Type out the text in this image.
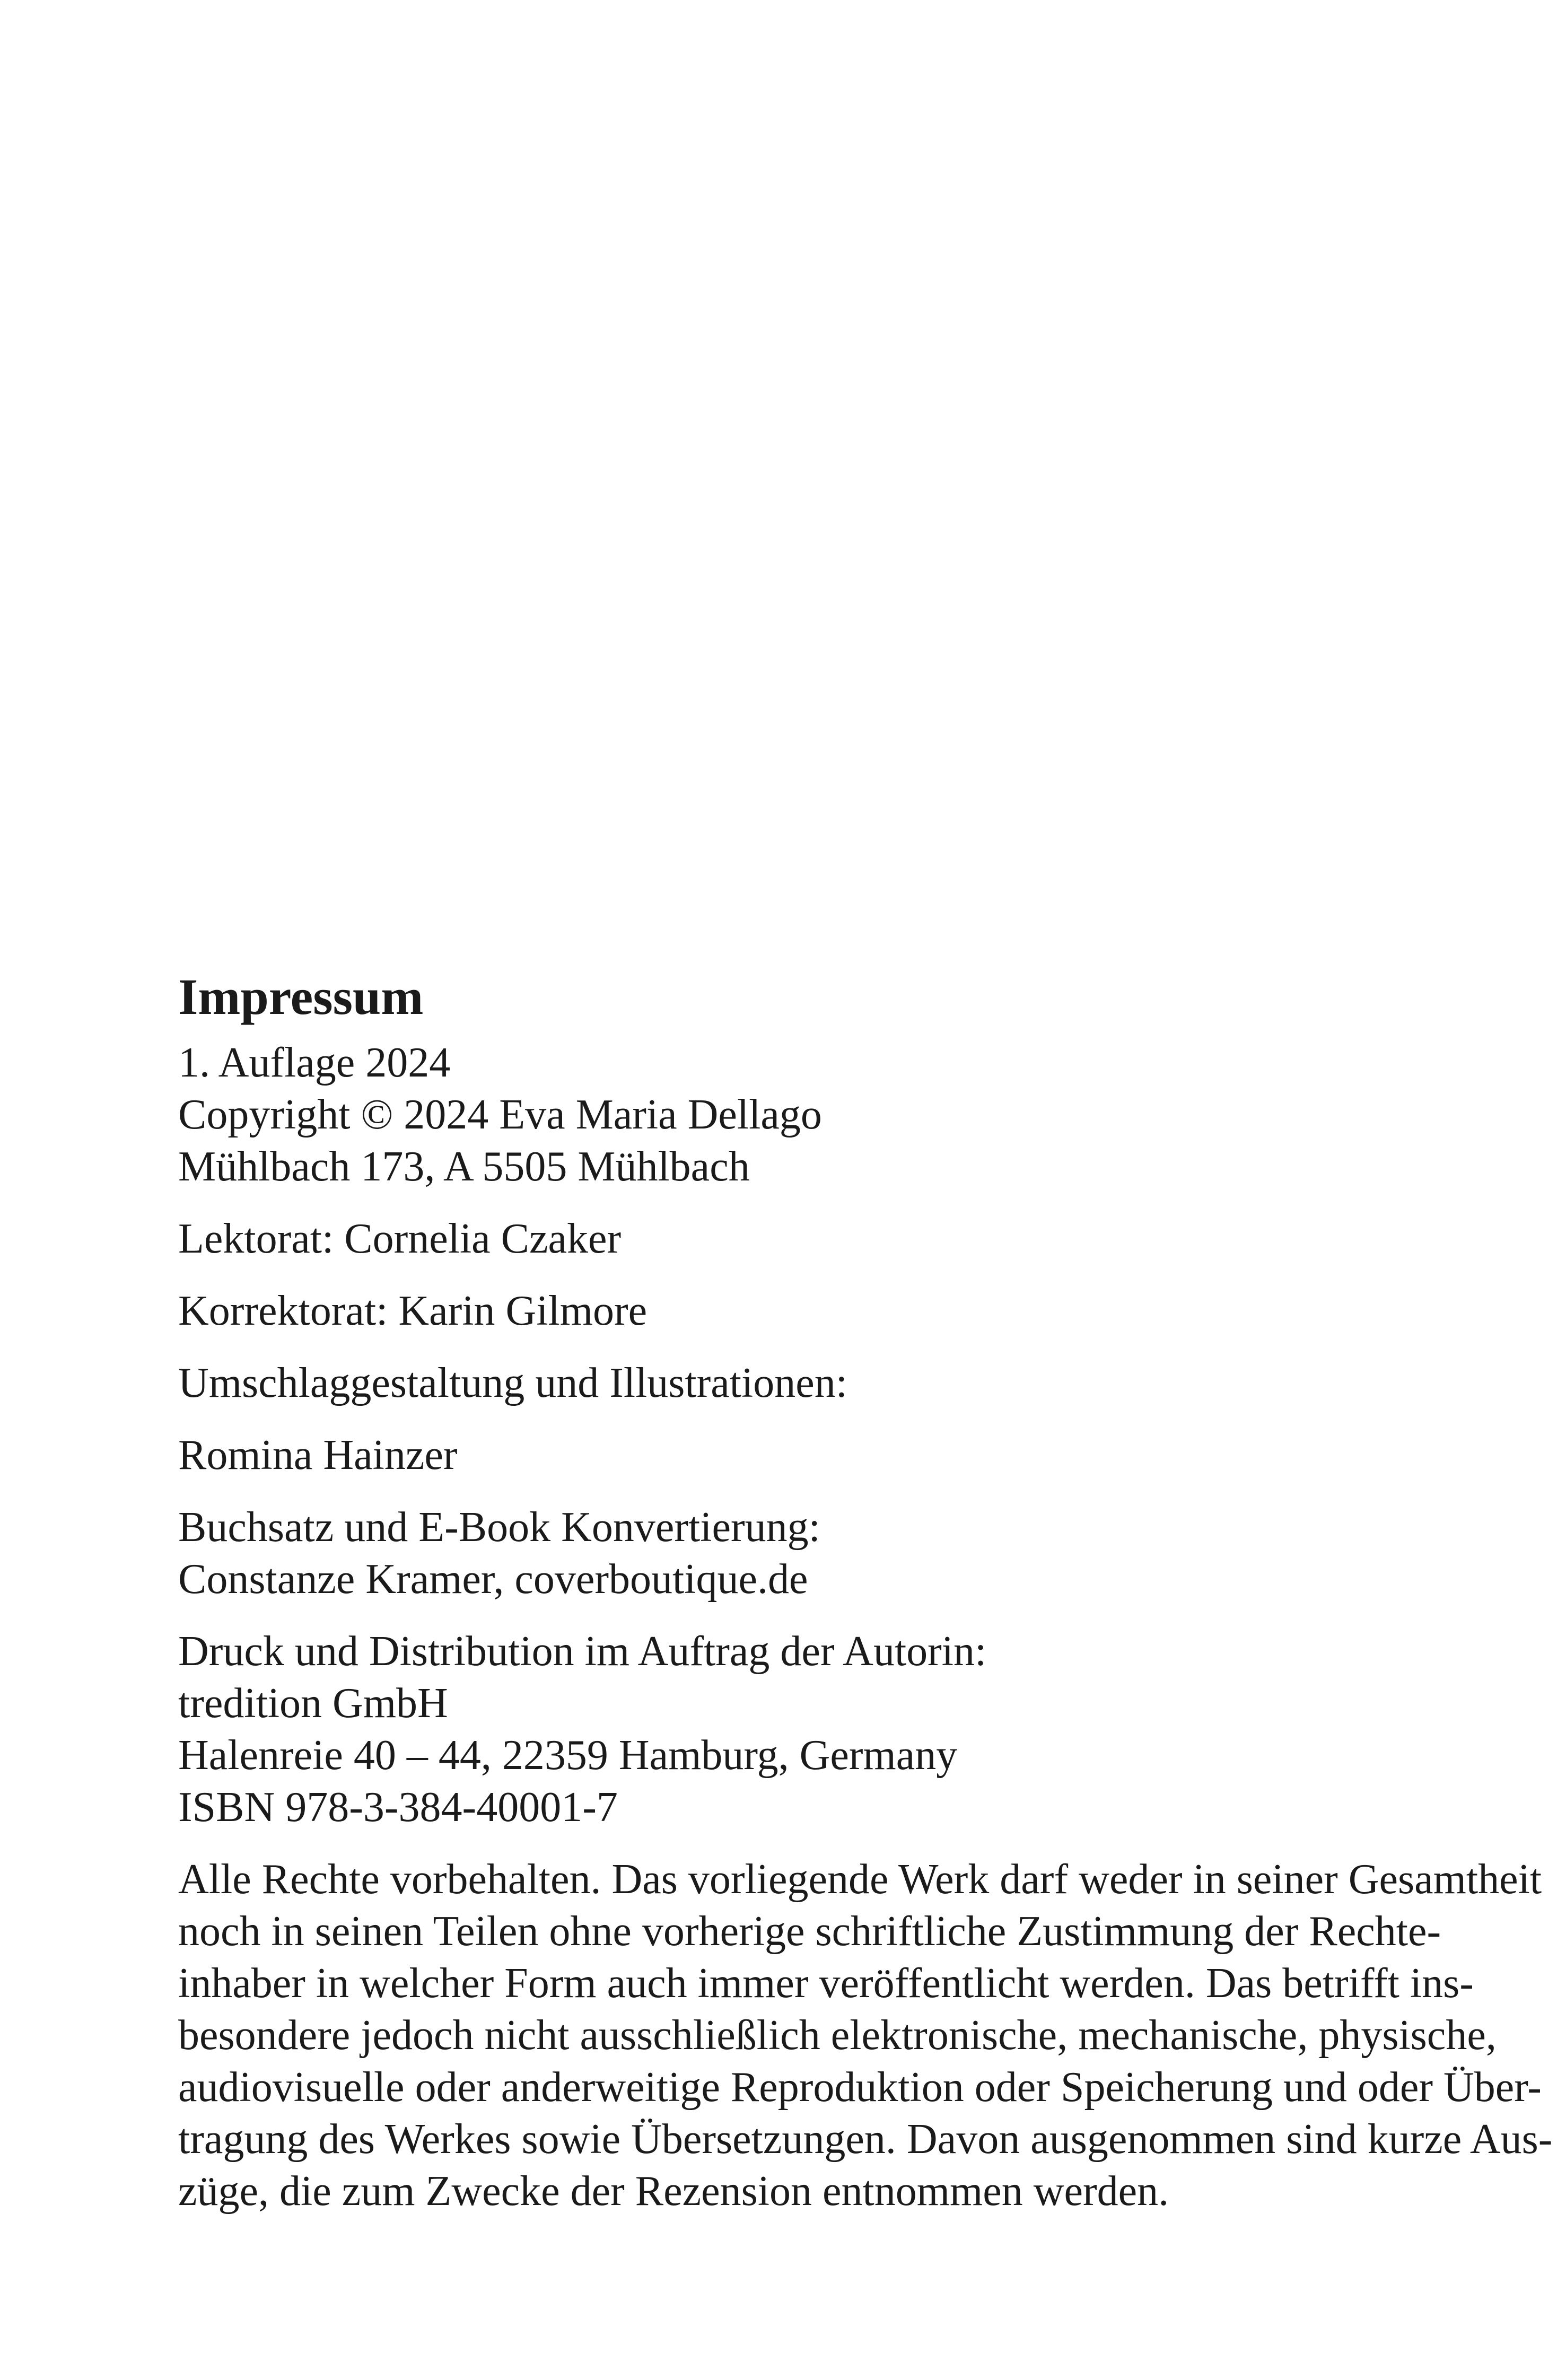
Impressum
1. Auflage 2024
Copyright © 2024 Eva Maria Dellago
Mühlbach 173, A 5505 Mühlbach
Lektorat: Cornelia Czaker
Korrektorat: Karin Gilmore
Umschlaggestaltung und Illustrationen:
Romina Hainzer
Buchsatz und E-Book Konvertierung:
Constanze Kramer, coverboutique.de
Druck und Distribution im Auftrag der Autorin:
tredition GmbH
Halenreie 40 – 44, 22359 Hamburg, Germany
ISBN 978-3-384-40001-7
Alle Rechte vorbehalten. Das vorliegende Werk darf weder in seiner Gesamtheit
noch in seinen Teilen ohne vorherige schriftliche Zustimmung der Rechte-
inhaber in welcher Form auch immer veröffentlicht werden. Das betrifft ins-
besondere jedoch nicht ausschließlich elektronische, mechanische, physische,
audiovisuelle oder anderweitige Reproduktion oder Speicherung und oder Über-
tragung des Werkes sowie Übersetzungen. Davon ausgenommen sind kurze Aus-
züge, die zum Zwecke der Rezension entnommen werden.
